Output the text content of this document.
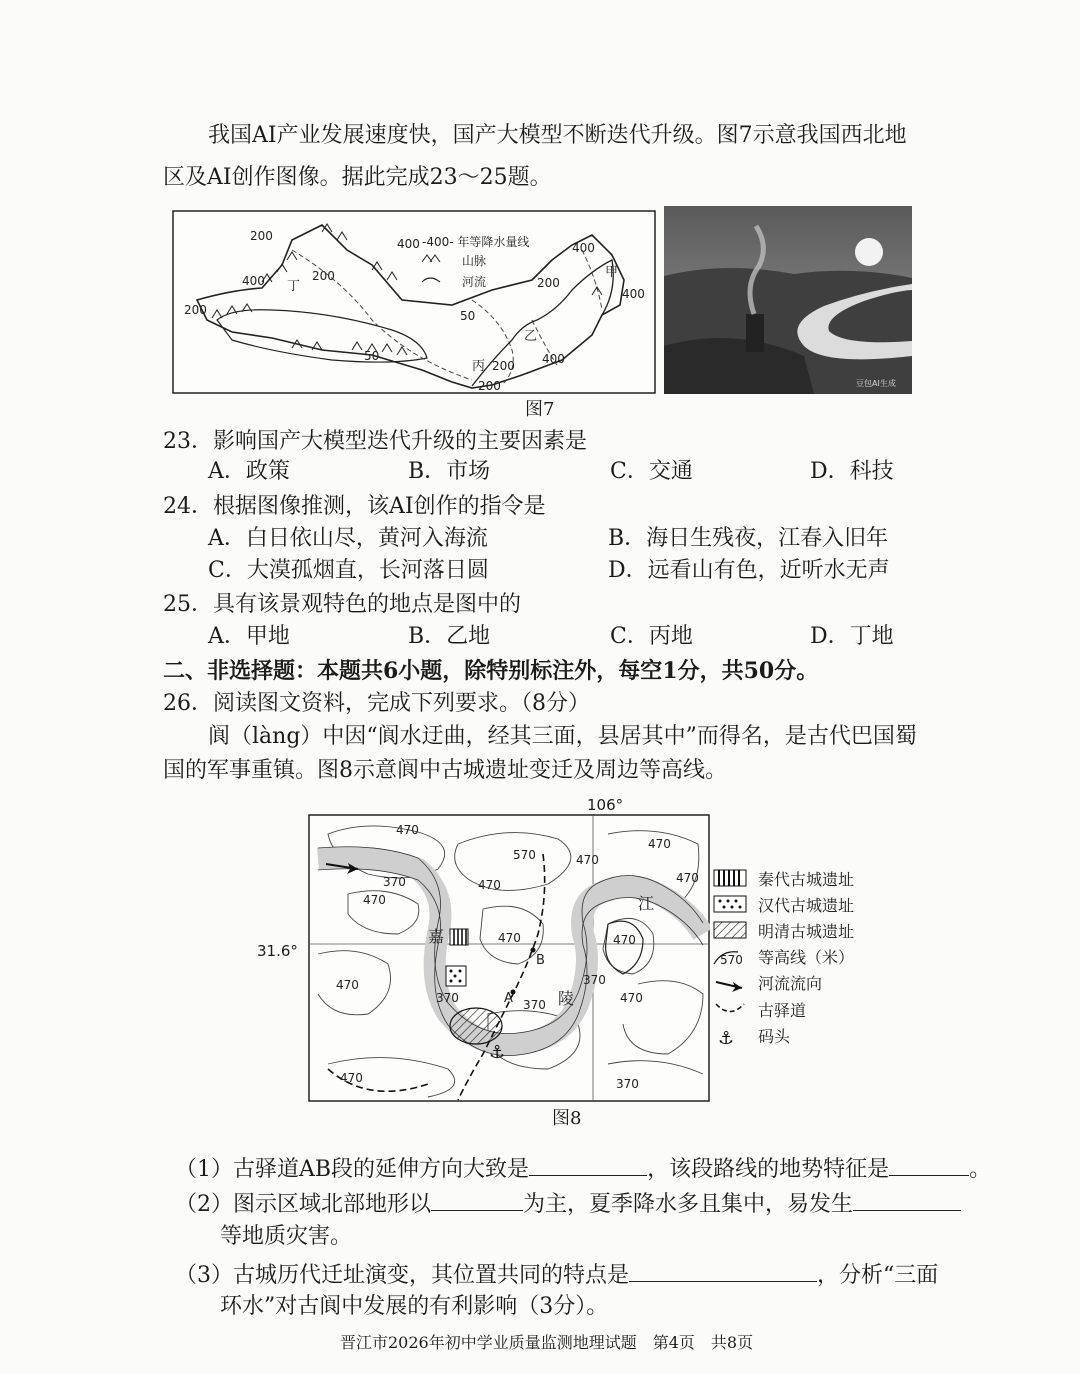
我国AI产业发展速度快，国产大模型不断迭代升级。图7示意我国西北地
区及AI创作图像。据此完成23～25题。
-400- 年等降水量线
山脉
河流
200
400
200
400
400
200
400
200
50
50
200
400
200
甲
乙
丙
丁
豆包AI生成
图7
23．影响国产大模型迭代升级的主要因素是
A．政策	B．市场	C．交通	D．科技
24．根据图像推测，该AI创作的指令是
A．白日依山尽，黄河入海流	B．海日生残夜，江春入旧年
C．大漠孤烟直，长河落日圆	D．远看山有色，近听水无声
25．具有该景观特色的地点是图中的
A．甲地	B．乙地	C．丙地	D．丁地
二、非选择题：本题共6小题，除特别标注外，每空1分，共50分。
26．阅读图文资料，完成下列要求。（8分）
阆（làng）中因“阆水迂曲，经其三面，县居其中”而得名，是古代巴国蜀
国的军事重镇。图8示意阆中古城遗址变迁及周边等高线。
106°
31.6°
⚓
A
B
嘉
陵
江
470
470
570	470
470
370
470
470
470	470
370	370
470	370
470
470	370
秦代古城遗址
汉代古城遗址
明清古城遗址
570 等高线（米）
河流流向
古驿道
⚓ 码头
图8
（1）古驿道AB段的延伸方向大致是	，该段路线的地势特征是	。
（2）图示区域北部地形以	为主，夏季降水多且集中，易发生
等地质灾害。
（3）古城历代迁址演变，其位置共同的特点是	，分析“三面
环水”对古阆中发展的有利影响（3分）。
晋江市2026年初中学业质量监测地理试题　第4页　共8页
